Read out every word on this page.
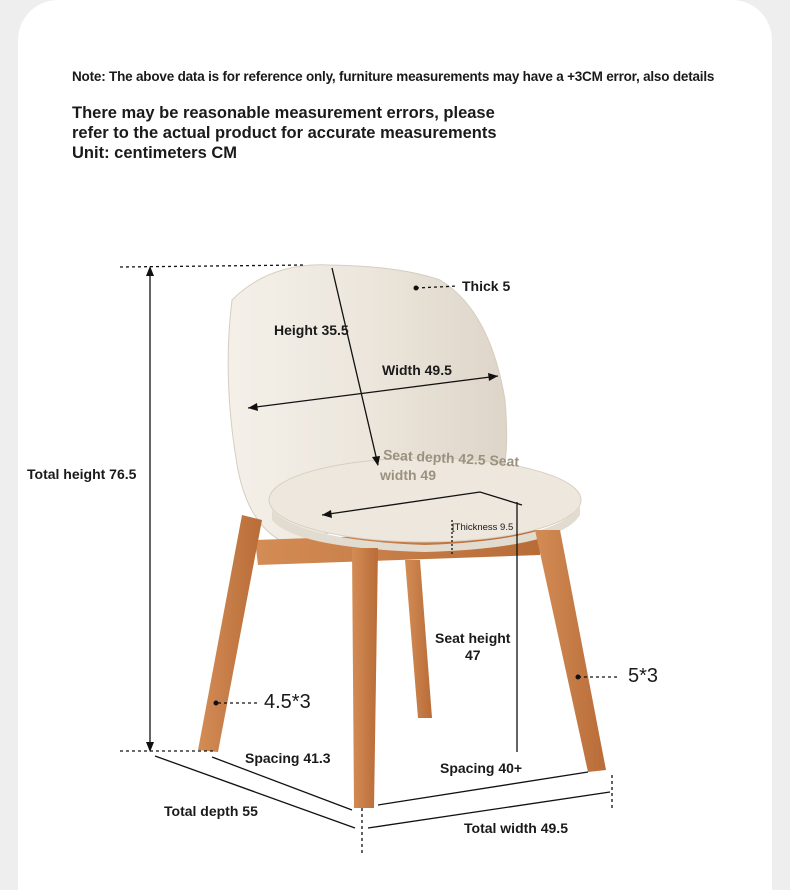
Note: The above data is for reference only, furniture measurements may have a +3CM error, also details
There may be reasonable measurement errors, please
refer to the actual product for accurate measurements
Unit: centimeters CM
Thick 5
Height 35.5
Width 49.5
Total height 76.5
Seat depth 42.5 Seat
width 49
[Thickness 9.5
Seat height
47
5*3
4.5*3
Spacing 41.3
Spacing 40+
Total depth 55
Total width 49.5
